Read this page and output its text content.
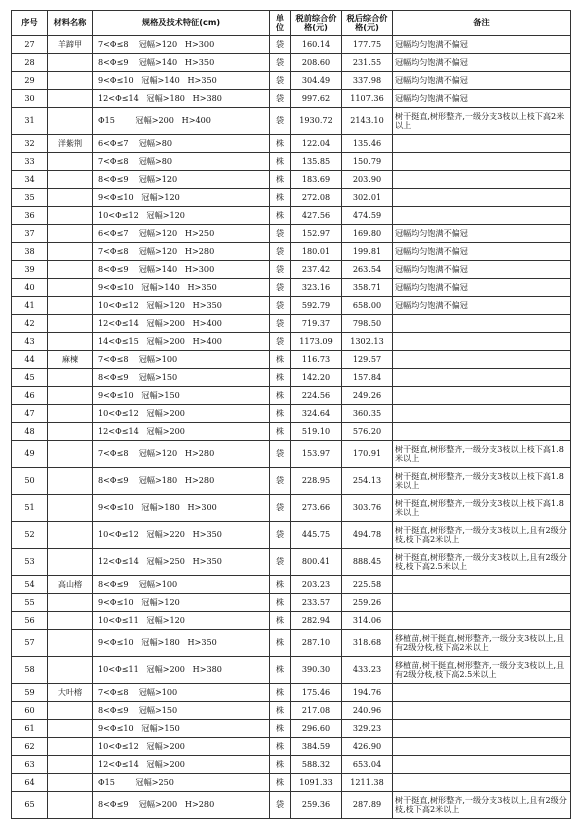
序号	材料名称	规格及技术特征(cm)	单位	税前综合价格(元)	税后综合价格(元)	备注
27	羊蹄甲	7<Φ≤8    冠幅>120   H>300	袋	160.14	177.75	冠幅均匀饱满不偏冠
28		8<Φ≤9    冠幅>140   H>350	袋	208.60	231.55	冠幅均匀饱满不偏冠
29		9<Φ≤10   冠幅>140   H>350	袋	304.49	337.98	冠幅均匀饱满不偏冠
30		12<Φ≤14   冠幅>180   H>380	袋	997.62	1107.36	冠幅均匀饱满不偏冠
31		Φ15        冠幅>200   H>400	袋	1930.72	2143.10	树干挺直,树形整齐,一级分支3枝以上枝下高2米以上
32	洋紫荆	6<Φ≤7    冠幅>80	株	122.04	135.46	
33		7<Φ≤8    冠幅>80	株	135.85	150.79	
34		8<Φ≤9    冠幅>120	株	183.69	203.90	
35		9<Φ≤10   冠幅>120	株	272.08	302.01	
36		10<Φ≤12   冠幅>120	株	427.56	474.59	
37		6<Φ≤7    冠幅>120   H>250	袋	152.97	169.80	冠幅均匀饱满不偏冠
38		7<Φ≤8    冠幅>120   H>280	袋	180.01	199.81	冠幅均匀饱满不偏冠
39		8<Φ≤9    冠幅>140   H>300	袋	237.42	263.54	冠幅均匀饱满不偏冠
40		9<Φ≤10   冠幅>140   H>350	袋	323.16	358.71	冠幅均匀饱满不偏冠
41		10<Φ≤12   冠幅>120   H>350	袋	592.79	658.00	冠幅均匀饱满不偏冠
42		12<Φ≤14   冠幅>200   H>400	袋	719.37	798.50	
43		14<Φ≤15   冠幅>200   H>400	袋	1173.09	1302.13	
44	麻楝	7<Φ≤8    冠幅>100	株	116.73	129.57	
45		8<Φ≤9    冠幅>150	株	142.20	157.84	
46		9<Φ≤10   冠幅>150	株	224.56	249.26	
47		10<Φ≤12   冠幅>200	株	324.64	360.35	
48		12<Φ≤14   冠幅>200	株	519.10	576.20	
49		7<Φ≤8    冠幅>120   H>280	袋	153.97	170.91	树干挺直,树形整齐,一级分支3枝以上枝下高1.8米以上
50		8<Φ≤9    冠幅>180   H>280	袋	228.95	254.13	树干挺直,树形整齐,一级分支3枝以上枝下高1.8米以上
51		9<Φ≤10   冠幅>180   H>300	袋	273.66	303.76	树干挺直,树形整齐,一级分支3枝以上枝下高1.8米以上
52		10<Φ≤12   冠幅>220   H>350	袋	445.75	494.78	树干挺直,树形整齐,一级分支3枝以上,且有2级分枝,枝下高2米以上
53		12<Φ≤14   冠幅>250   H>350	袋	800.41	888.45	树干挺直,树形整齐,一级分支3枝以上,且有2级分枝,枝下高2.5米以上
54	高山榕	8<Φ≤9    冠幅>100	株	203.23	225.58	
55		9<Φ≤10   冠幅>120	株	233.57	259.26	
56		10<Φ≤11   冠幅>120	株	282.94	314.06	
57		9<Φ≤10   冠幅>180   H>350	株	287.10	318.68	移植苗,树干挺直,树形整齐,一级分支3枝以上,且有2级分枝,枝下高2米以上
58		10<Φ≤11   冠幅>200   H>380	株	390.30	433.23	移植苗,树干挺直,树形整齐,一级分支3枝以上,且有2级分枝,枝下高2.5米以上
59	大叶榕	7<Φ≤8    冠幅>100	株	175.46	194.76	
60		8<Φ≤9    冠幅>150	株	217.08	240.96	
61		9<Φ≤10   冠幅>150	株	296.60	329.23	
62		10<Φ≤12   冠幅>200	株	384.59	426.90	
63		12<Φ≤14   冠幅>200	株	588.32	653.04	
64		Φ15        冠幅>250	株	1091.33	1211.38	
65		8<Φ≤9    冠幅>200   H>280	袋	259.36	287.89	树干挺直,树形整齐,一级分支3枝以上,且有2级分枝,枝下高2米以上
